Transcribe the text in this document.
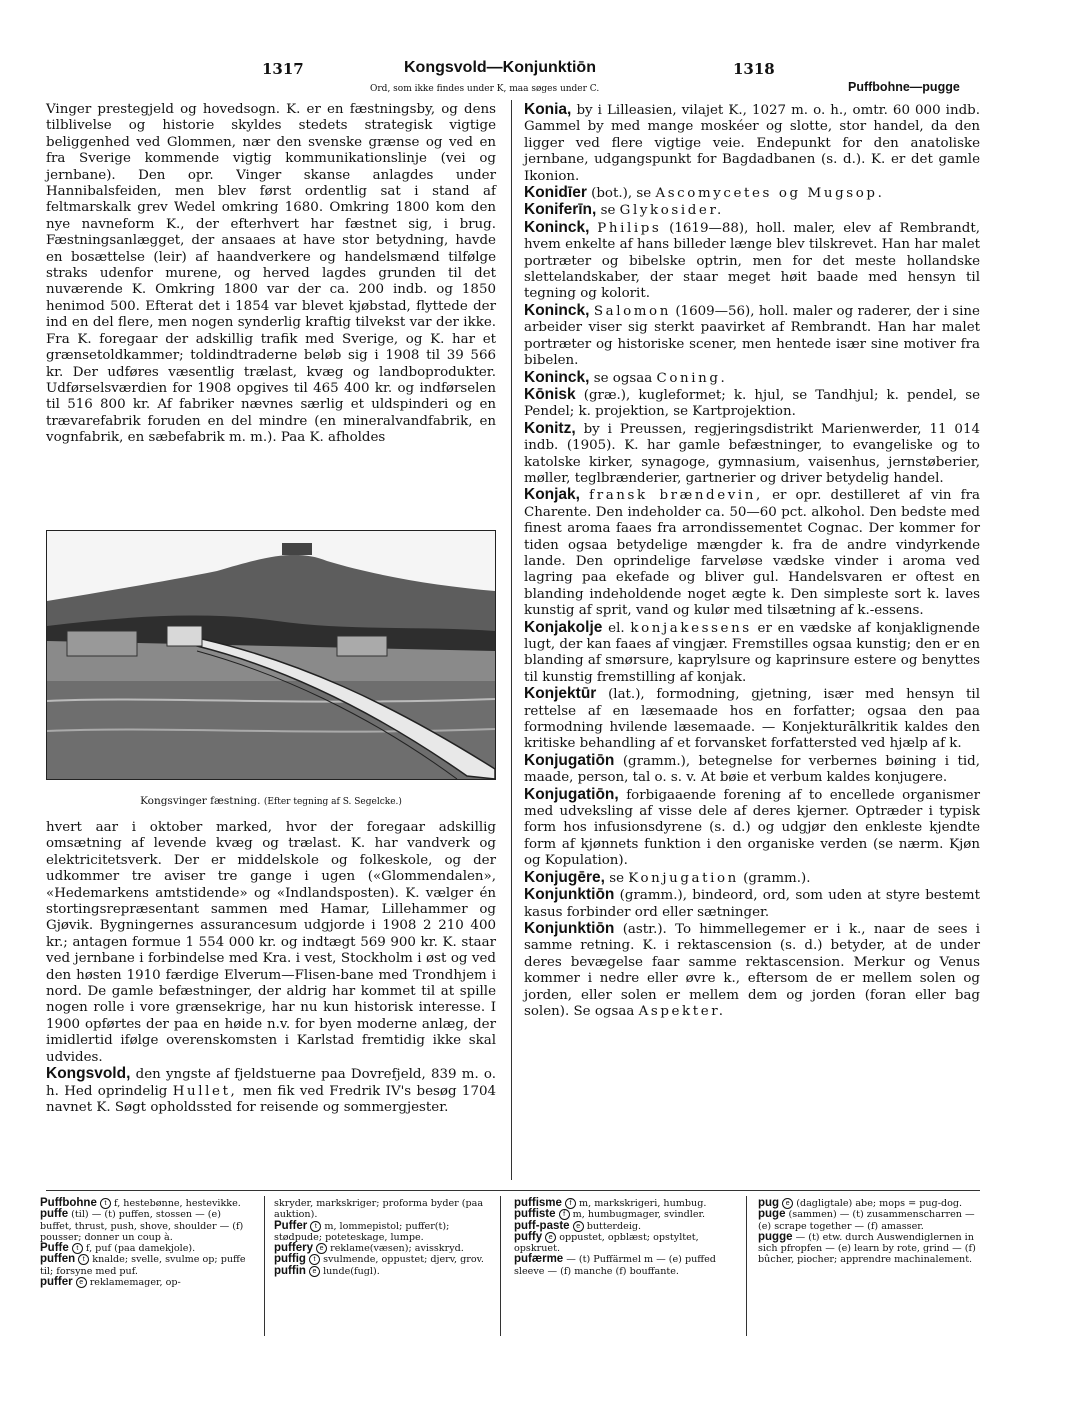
1317	Kongsvold—Konjunktiōn	1318
Ord, som ikke findes under K, maa søges under C.	Puffbohne—pugge

Vinger prestegjeld og hovedsogn. K. er en fæstningsby, og dens tilblivelse og historie skyldes stedets strategisk vigtige beliggenhed ved Glommen, nær den svenske grænse og ved en fra Sverige kommende vigtig kommunikationslinje (vei og jernbane). Den opr. Vinger skanse anlagdes under Hannibalsfeiden, men blev først ordentlig sat i stand af feltmarskalk grev Wedel omkring 1680. Omkring 1800 kom den nye navneform K., der efterhvert har fæstnet sig, i brug. Fæstningsanlægget, der ansaaes at have stor betydning, havde en bosættelse (leir) af haandverkere og handelsmænd tilfølge straks udenfor murene, og herved lagdes grunden til det nuværende K. Omkring 1800 var der ca. 200 indb. og 1850 henimod 500. Efterat det i 1854 var blevet kjøbstad, flyttede der ind en del flere, men nogen synderlig kraftig tilvekst var der ikke. Fra K. foregaar der adskillig trafik med Sverige, og K. har et grænsetoldkammer; toldindtraderne beløb sig i 1908 til 39 566 kr. Der udføres væsentlig trælast, kvæg og landboprodukter. Udførselsværdien for 1908 opgives til 465 400 kr. og indførselen til 516 800 kr. Af fabriker nævnes særlig et uldspinderi og en trævarefabrik foruden en del mindre (en mineralvandfabrik, en vognfabrik, en sæbefabrik m. m.). Paa K. afholdes

Kongsvinger fæstning. (Efter tegning af S. Segelcke.)

hvert aar i oktober marked, hvor der foregaar adskillig omsætning af levende kvæg og trælast. K. har vandverk og elektricitetsverk. Der er middelskole og folkeskole, og der udkommer tre aviser tre gange i ugen («Glommendalen», «Hedemarkens amtstidende» og «Indlandsposten). K. vælger én stortingsrepræsentant sammen med Hamar, Lillehammer og Gjøvik. Bygningernes assurancesum udgjorde i 1908 2 210 400 kr.; antagen formue 1 554 000 kr. og indtægt 569 900 kr. K. staar ved jernbane i forbindelse med Kra. i vest, Stockholm i øst og ved den høsten 1910 færdige Elverum—Flisen-bane med Trondhjem i nord. De gamle befæstninger, der aldrig har kommet til at spille nogen rolle i vore grænsekrige, har nu kun historisk interesse. I 1900 opførtes der paa en høide n.v. for byen moderne anlæg, der imidlertid ifølge overenskomsten i Karlstad fremtidig ikke skal udvides.

Kongsvold, den yngste af fjeldstuerne paa Dovrefjeld, 839 m. o. h. Hed oprindelig Hullet, men fik ved Fredrik IV's besøg 1704 navnet K. Søgt opholdssted for reisende og sommergjester.

Konia, by i Lilleasien, vilajet K., 1027 m. o. h., omtr. 60 000 indb. Gammel by med mange moskéer og slotte, stor handel, da den ligger ved flere vigtige veie. Endepunkt for den anatoliske jernbane, udgangspunkt for Bagdadbanen (s. d.). K. er det gamle Ikonion.

Konidīer (bot.), se Ascomycetes og Mugsop.

Koniferīn, se Glykosider.

Koninck, Philips (1619—88), holl. maler, elev af Rembrandt, hvem enkelte af hans billeder længe blev tilskrevet. Han har malet portræter og bibelske optrin, men for det meste hollandske slettelandskaber, der staar meget høit baade med hensyn til tegning og kolorit.

Koninck, Salomon (1609—56), holl. maler og raderer, der i sine arbeider viser sig sterkt paavirket af Rembrandt. Han har malet portræter og historiske scener, men hentede især sine motiver fra bibelen.

Koninck, se ogsaa Coning.

Kōnisk (græ.), kugleformet; k. hjul, se Tandhjul; k. pendel, se Pendel; k. projektion, se Kartprojektion.

Konitz, by i Preussen, regjeringsdistrikt Marienwerder, 11 014 indb. (1905). K. har gamle befæstninger, to evangeliske og to katolske kirker, synagoge, gymnasium, vaisenhus, jernstøberier, møller, teglbrænderier, gartnerier og driver betydelig handel.

Konjak, fransk brændevin, er opr. destilleret af vin fra Charente. Den indeholder ca. 50—60 pct. alkohol. Den bedste med finest aroma faaes fra arrondissementet Cognac. Der kommer for tiden ogsaa betydelige mængder k. fra de andre vindyrkende lande. Den oprindelige farveløse vædske vinder i aroma ved lagring paa ekefade og bliver gul. Handelsvaren er oftest en blanding indeholdende noget ægte k. Den simpleste sort k. laves kunstig af sprit, vand og kulør med tilsætning af k.-essens.

Konjakolje el. konjakessens er en vædske af konjaklignende lugt, der kan faaes af vingjær. Fremstilles ogsaa kunstig; den er en blanding af smørsure, kaprylsure og kaprinsure estere og benyttes til kunstig fremstilling af konjak.

Konjektūr (lat.), formodning, gjetning, især med hensyn til rettelse af en læsemaade hos en forfatter; ogsaa den paa formodning hvilende læsemaade. — Konjekturālkritik kaldes den kritiske behandling af et forvansket forfattersted ved hjælp af k.

Konjugatiōn (gramm.), betegnelse for verbernes bøining i tid, maade, person, tal o. s. v. At bøie et verbum kaldes konjugere.

Konjugatiōn, forbigaaende forening af to encellede organismer med udveksling af visse dele af deres kjerner. Optræder i typisk form hos infusionsdyrene (s. d.) og udgjør den enkleste kjendte form af kjønnets funktion i den organiske verden (se nærm. Kjøn og Kopulation).

Konjugēre, se Konjugation (gramm.).

Konjunktiōn (gramm.), bindeord, ord, som uden at styre bestemt kasus forbinder ord eller sætninger.

Konjunktiōn (astr.). To himmellegemer er i k., naar de sees i samme retning. K. i rektascension (s. d.) betyder, at de under deres bevægelse faar samme rektascension. Merkur og Venus kommer i nedre eller øvre k., eftersom de er mellem solen og jorden, eller solen er mellem dem og jorden (foran eller bag solen). Se ogsaa Aspekter.

Puffbohne t f, hestebønne, hestevikke.

puffe (til) — (t) puffen, stossen — (e) buffet, thrust, push, shove, shoulder — (f) pousser; donner un coup à.

Puffe t f, puf (paa damekjole).

puffen t knalde; svelle, svulme op; puffe til; forsyne med puf.

puffer e reklamemager, op-

skryder, markskriger; proforma byder (paa auktion).

Puffer t m, lommepistol; puffer(t); stødpude; poteteskage, lumpe.

puffery e reklame(væsen); avisskryd.

puffig t svulmende, oppustet; djerv, grov.

puffin e lunde(fugl).

puffisme f m, markskrigeri, humbug.

puffiste f m, humbugmager, svindler.

puff-paste e butterdeig.

puffy e oppustet, opblæst; opstyltet, opskruet.

pufærme — (t) Puffärmel m — (e) puffed sleeve — (f) manche (f) bouffante.

pug e (dagligtale) abe; mops = pug-dog.

puge (sammen) — (t) zusammenscharren — (e) scrape together — (f) amasser.

pugge — (t) etw. durch Auswendiglernen in sich pfropfen — (e) learn by rote, grind — (f) bûcher, piocher; apprendre machinalement.
